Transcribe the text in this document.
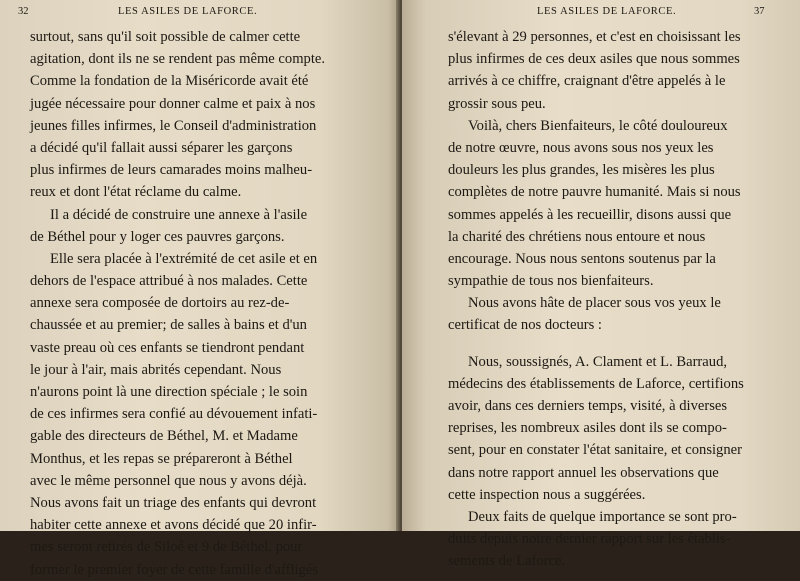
32	LES ASILES DE LAFORCE.
surtout, sans qu'il soit possible de calmer cette
agitation, dont ils ne se rendent pas même compte.
Comme la fondation de la Miséricorde avait été
jugée nécessaire pour donner calme et paix à nos
jeunes filles infirmes, le Conseil d'administration
a décidé qu'il fallait aussi séparer les garçons
plus infirmes de leurs camarades moins malheu-
reux et dont l'état réclame du calme.
Il a décidé de construire une annexe à l'asile
de Béthel pour y loger ces pauvres garçons.
Elle sera placée à l'extrémité de cet asile et en
dehors de l'espace attribué à nos malades. Cette
annexe sera composée de dortoirs au rez-de-
chaussée et au premier; de salles à bains et d'un
vaste preau où ces enfants se tiendront pendant
le jour à l'air, mais abrités cependant. Nous
n'aurons point là une direction spéciale ; le soin
de ces infirmes sera confié au dévouement infati-
gable des directeurs de Béthel, M. et Madame
Monthus, et les repas se prépareront à Béthel
avec le même personnel que nous y avons déjà.
Nous avons fait un triage des enfants qui devront
habiter cette annexe et avons décidé que 20 infir-
mes seront retirés de Siloé et 9 de Béthel, pour
former le premier foyer de cette famille d'affligés
LES ASILES DE LAFORCE.	37
s'élevant à 29 personnes, et c'est en choisissant les
plus infirmes de ces deux asiles que nous sommes
arrivés à ce chiffre, craignant d'être appelés à le
grossir sous peu.
Voilà, chers Bienfaiteurs, le côté douloureux
de notre œuvre, nous avons sous nos yeux les
douleurs les plus grandes, les misères les plus
complètes de notre pauvre humanité. Mais si nous
sommes appelés à les recueillir, disons aussi que
la charité des chrétiens nous entoure et nous
encourage. Nous nous sentons soutenus par la
sympathie de tous nos bienfaiteurs.
Nous avons hâte de placer sous vos yeux le
certificat de nos docteurs :
Nous, soussignés, A. Clament et L. Barraud,
médecins des établissements de Laforce, certifions
avoir, dans ces derniers temps, visité, à diverses
reprises, les nombreux asiles dont ils se compo-
sent, pour en constater l'état sanitaire, et consigner
dans notre rapport annuel les observations que
cette inspection nous a suggérées.
Deux faits de quelque importance se sont pro-
duits depuis notre dernier rapport sur les établis-
sements de Laforce.
